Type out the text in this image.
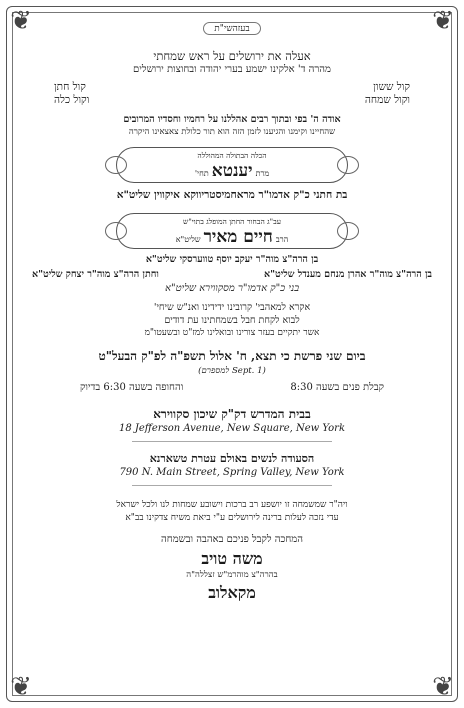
❦	❦
❦	❦
בעזהשי"ת

אעלה את ירושלים על ראש שמחתי

מהרה ד' אלקינו ישמע בערי יהודה ובחוצות ירושלים

קול ששון
קול חתן
וקול שמחה
וקול כלה

אודה ה' בפי ובתוך רבים אהללנו על רחמיו וחסדיו המרובים

שהחיינו וקימנו והגיענו לזמן הזה הוא תור כלולת צאצאינו היקרה

הכלה הבתולה המהוללה
מרתיענטאתחי'

בת חתני כ"ק אדמו"ר מראחמיסטריווקא איקווין שליט"א

עב"ג הבחור החתן המופלג בתוי"ש
הרבחיים מאירשליט"א

בן הרה"צ מוה"ר יעקב יוסף טווערסקי שליט"א

בן הרה"צ מוה"ר אהרן מנחם מענדל שליט"א
וחתן הרה"צ מוה"ר יצחק שליט"א

בני כ"ק אדמו"ר מסקווירא שליט"א

אקרא למאהבי' קרובינו ידידינו ואנ"ש שיחי'

לבוא לקחת חבל בשמחתינו עת דודים

אשר יתקיים בעזר צורינו ובואלינו למז"ט ובשעטו"מ

ביום שני פרשת כי תצא, ח' אלול תשפ"ה לפ"ק הבעל"ט

(Sept. 1 למספרם)

קבלת פנים בשעה 8:30
והחופה בשעה 6:30 בדיוק

בבית המדרש דק"ק שיכון סקווירא

18 Jefferson Avenue, New Square, New York

הסעודה לנשים באולם עטרת טשארנא

790 N. Main Street, Spring Valley, New York

ויה"ר שמשמחה זו יושפע רב ברכות וישובע שמחות לנו ולכל ישראל

עדי נזכה לעלות ברינה לירושלים ע"י ביאת משיח צדקינו בב"א

המחכה לקבל פניכם באהבה ובשמחה

משה טויב

בהרה"צ מוהרמ"ש זצללה"ה

מקאלוב
